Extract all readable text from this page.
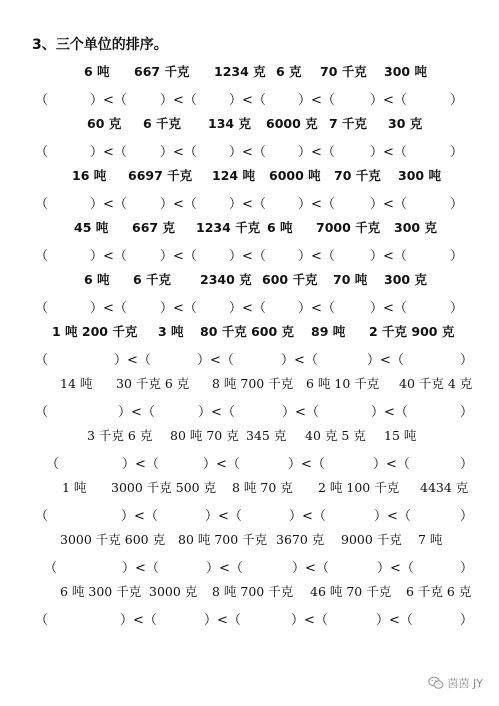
3、三个单位的排序。
6 吨 667 千克 1234 克 6 克 70 千克 300 吨
（	）<（	）<（ ）<（ ）<（	）<（	）
60 克 6 千克 134 克 6000 克 7 千克 30 克
（	）<（	）<（ ）<（ ）<（	）<（	）
16 吨 6697 千克 124 吨 6000 吨 70 千克 300 吨
（	）<（	）<（ ）<（ ）<（	）<（	）
45 吨 667 克 1234 千克 6 吨 7000 千克 300 克
（	）<（	）<（ ）<（ ）<（	）<（	）
6 吨 6 千克 2340 克 600 千克 70 吨 300 克
（	）<（	）<（ ）<（ ）<（	）<（	）
1 吨 200 千克 3 吨 80 千克 600 克 89 吨 2 千克 900 克
（	）<（	）<（	）<（	）<（	）
14 吨 30 千克 6 克 8 吨 700 千克 6 吨 10 千克 40 千克 4 克
（	）<（	）<（	）<（	）<（	）
3 千克 6 克 80 吨 70 克 345 克 40 克 5 克 15 吨
（	）<（	）<（	）<（	）<（	）
1 吨 3000 千克 500 克 8 吨 70 克 2 吨 100 千克 4434 克
（	）<（	）<（	）<（	）<（	）
3000 千克 600 克 80 吨 700 千克 3670 克 9000 千克 7 吨
（	）<（	）<（	）<（	）<（	）
6 吨 300 千克 3000 克 8 吨 700 千克 46 吨 70 千克 6 千克 6 克
（	）<（	）<（	）<（	）<（	）
茵茵 JY
